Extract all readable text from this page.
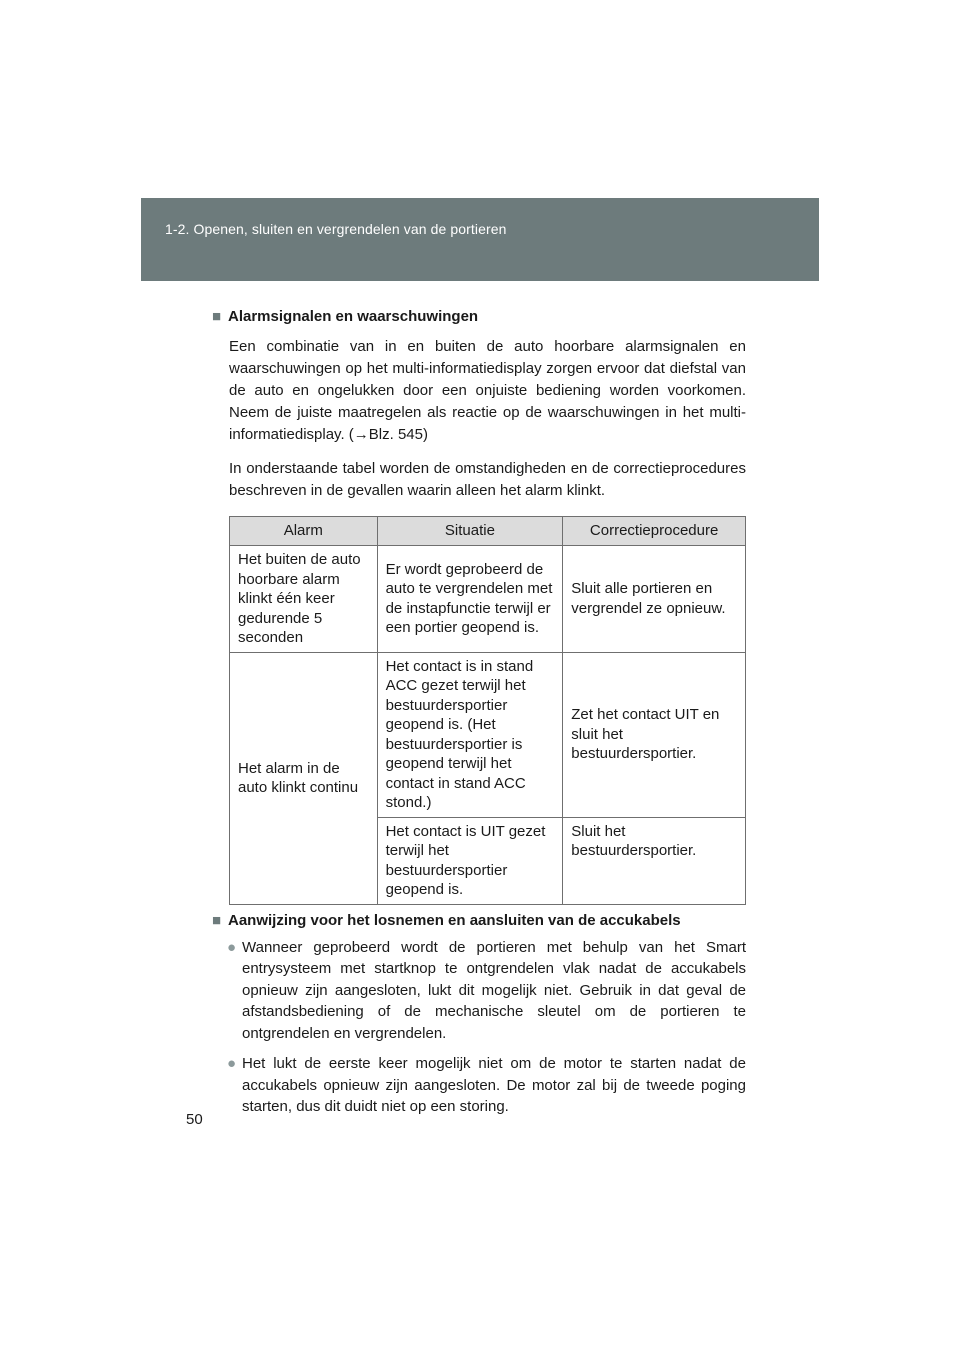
1-2. Openen, sluiten en vergrendelen van de portieren

■ Alarmsignalen en waarschuwingen

Een combinatie van in en buiten de auto hoorbare alarmsignalen en waarschuwingen op het multi-informatiedisplay zorgen ervoor dat diefstal van de auto en ongelukken door een onjuiste bediening worden voorkomen. Neem de juiste maatregelen als reactie op de waarschuwingen in het multi-informatiedisplay. (→Blz. 545)

In onderstaande tabel worden de omstandigheden en de correctieprocedures beschreven in de gevallen waarin alleen het alarm klinkt.

Alarm	Situatie	Correctieprocedure
Het buiten de auto hoorbare alarm klinkt één keer gedurende 5 seconden	Er wordt geprobeerd de auto te vergrendelen met de instapfunctie terwijl er een portier geopend is.	Sluit alle portieren en vergrendel ze opnieuw.
Het alarm in de auto klinkt continu	Het contact is in stand ACC gezet terwijl het bestuurdersportier geopend is. (Het bestuurdersportier is geopend terwijl het contact in stand ACC stond.)	Zet het contact UIT en sluit het bestuurdersportier.
	Het contact is UIT gezet terwijl het bestuurdersportier geopend is.	Sluit het bestuurdersportier.

■ Aanwijzing voor het losnemen en aansluiten van de accukabels

● Wanneer geprobeerd wordt de portieren met behulp van het Smart entrysysteem met startknop te ontgrendelen vlak nadat de accukabels opnieuw zijn aangesloten, lukt dit mogelijk niet. Gebruik in dat geval de afstandsbediening of de mechanische sleutel om de portieren te ontgrendelen en vergrendelen.
● Het lukt de eerste keer mogelijk niet om de motor te starten nadat de accukabels opnieuw zijn aangesloten. De motor zal bij de tweede poging starten, dus dit duidt niet op een storing.
50
